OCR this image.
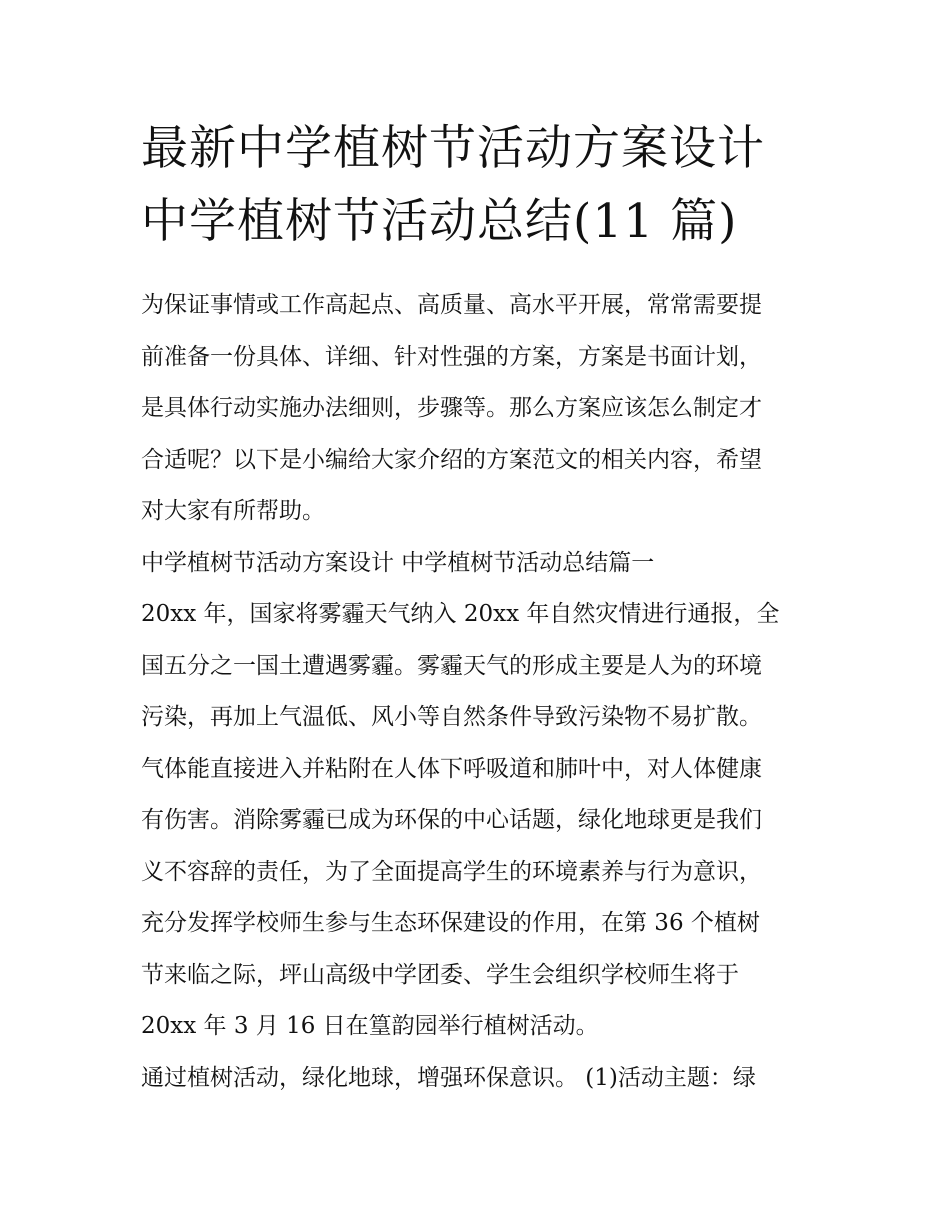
最新中学植树节活动方案设计
中学植树节活动总结(11 篇)
为保证事情或工作高起点、高质量、高水平开展，常常需要提
前准备一份具体、详细、针对性强的方案，方案是书面计划，
是具体行动实施办法细则，步骤等。那么方案应该怎么制定才
合适呢？以下是小编给大家介绍的方案范文的相关内容，希望
对大家有所帮助。
中学植树节活动方案设计 中学植树节活动总结篇一
20xx 年，国家将雾霾天气纳入 20xx 年自然灾情进行通报，全
国五分之一国土遭遇雾霾。雾霾天气的形成主要是人为的环境
污染，再加上气温低、风小等自然条件导致污染物不易扩散。
气体能直接进入并粘附在人体下呼吸道和肺叶中，对人体健康
有伤害。消除雾霾已成为环保的中心话题，绿化地球更是我们
义不容辞的责任，为了全面提高学生的环境素养与行为意识，
充分发挥学校师生参与生态环保建设的作用，在第 36 个植树
节来临之际，坪山高级中学团委、学生会组织学校师生将于
20xx 年 3 月 16 日在篁韵园举行植树活动。
通过植树活动，绿化地球，增强环保意识。 (1)活动主题：绿
